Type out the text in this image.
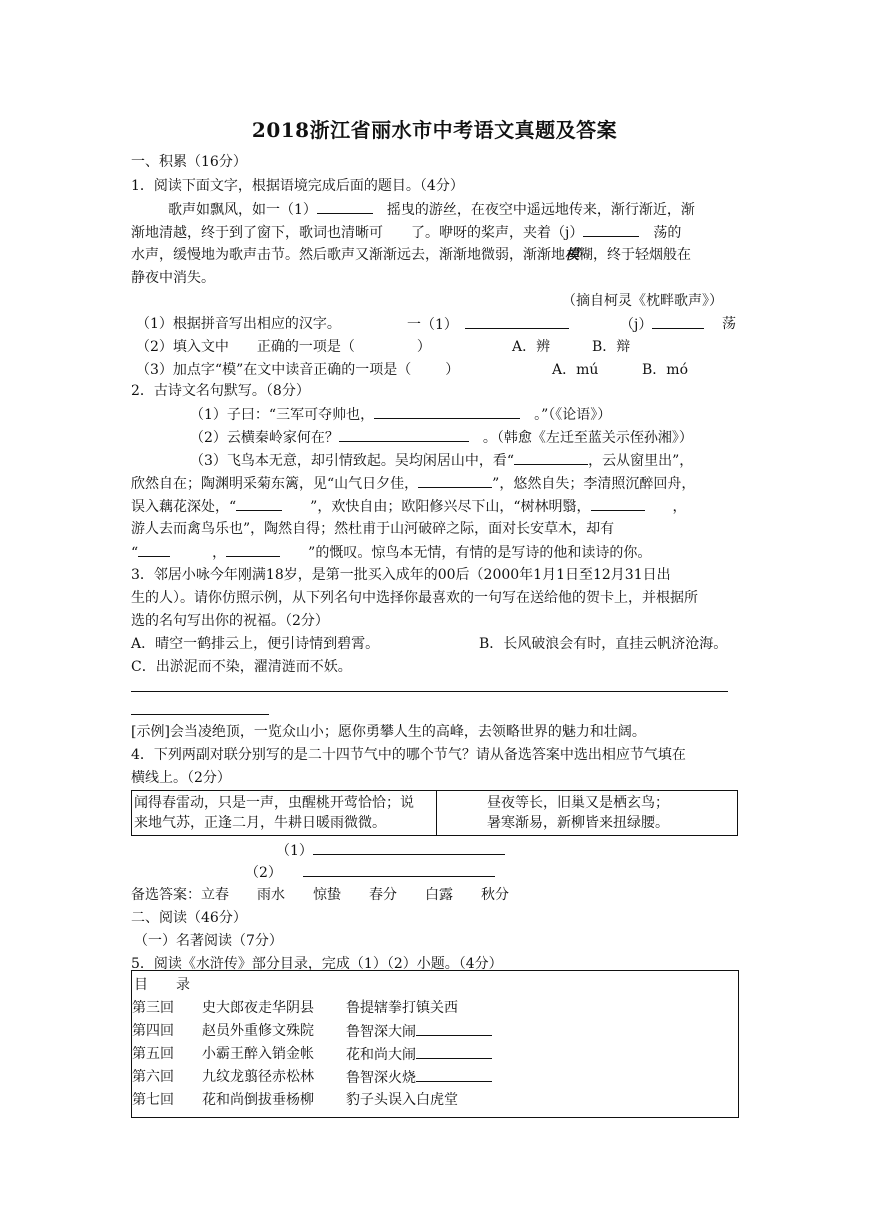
2018浙江省丽水市中考语文真题及答案
一、积累（16分）
1．阅读下面文字，根据语境完成后面的题目。（4分）
歌声如飘风，如一（1）　	摇曳的游丝，在夜空中遥远地传来，渐行渐近，渐
渐地清越，终于到了窗下，歌词也清晰可 了。咿呀的桨声，夹着（j）　	荡的
水声，缓慢地为歌声击节。然后歌声又渐渐远去，渐渐地微弱，渐渐地模糊，终于轻烟般在
静夜中消失。
（摘自柯灵《枕畔歌声》）
（1）根据拼音写出相应的汉字。	一（1）　	（j）	荡
（2）填入文中 正确的一项是（	）	A．辨	B．辩
（3）加点字“模”在文中读音正确的一项是（ ）	A．mú	B．mó
2．古诗文名句默写。（8分）
（1）子曰：“三军可夺帅也，　	。”（《论语》）
（2）云横秦岭家何在？　	。（韩愈《左迁至蓝关示侄孙湘》）
（3）飞鸟本无意，却引情致起。吴均闲居山中，看“	，云从窗里出”，
欣然自在；陶渊明采菊东篱，见“山气日夕佳，	”，悠然自失；李清照沉醉回舟，
误入藕花深处，“　　	”，欢快自由；欧阳修兴尽下山，“树林明翳，　　	，
游人去而禽鸟乐也”，陶然自得；然杜甫于山河破碎之际，面对长安草木，却有
“　　　	，　　	”的慨叹。惊鸟本无情，有情的是写诗的他和读诗的你。
3．邻居小咏今年刚满18岁，是第一批买入成年的00后（2000年1月1日至12月31日出
生的人）。请你仿照示例，从下列名句中选择你最喜欢的一句写在送给他的贺卡上，并根据所
选的名句写出你的祝福。（2分）
A．晴空一鹤排云上，便引诗情到碧霄。	B．长风破浪会有时，直挂云帆济沧海。
C．出淤泥而不染，濯清涟而不妖。
[示例]会当凌绝顶，一览众山小；愿你勇攀人生的高峰，去领略世界的魅力和壮阔。
4．下列两副对联分别写的是二十四节气中的哪个节气？请从备选答案中选出相应节气填在
横线上。（2分）
闻得春雷动，只是一声，虫醒桃开莺恰恰；说
来地气苏，正逢二月，牛耕日暖雨微微。

昼夜等长，旧巢又是栖玄鸟；
暑寒渐易，新柳皆来扭绿腰。
（1）
（2）　　
备选答案：立春　　雨水　　惊蛰　　春分　　白露　　秋分
二、阅读（46分）
（一）名著阅读（7分）
5．阅读《水浒传》部分目录，完成（1）（2）小题。（4分）
目　　录
第三回 史大郎夜走华阴县 鲁提辖拳打镇关西
第四回 赵员外重修文殊院 鲁智深大闹
第五回 小霸王醉入销金帐 花和尚大闹
第六回 九纹龙翦径赤松林 鲁智深火烧
第七回 花和尚倒拔垂杨柳 豹子头误入白虎堂
